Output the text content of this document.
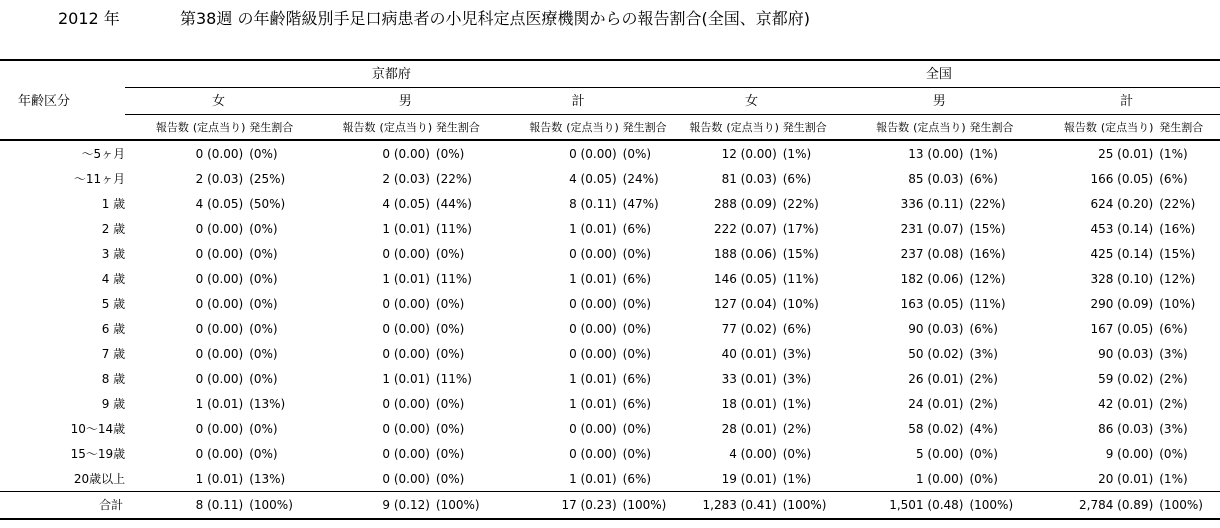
2012 年	第38週 の年齢階級別手足口病患者の小児科定点医療機関からの報告割合(全国、京都府)
	京都府									全国								
年齢区分	女			男			計			女			男			計		
	報告数	(定点当り)	発生割合	報告数	(定点当り)	発生割合	報告数	(定点当り)	発生割合	報告数	(定点当り)	発生割合	報告数	(定点当り)	発生割合	報告数	(定点当り)	発生割合
～5ヶ月	0 (0.00)		(0%)	0 (0.00)		(0%)	0 (0.00)		(0%)	12 (0.00)		(1%)	13 (0.00)		(1%)	25 (0.01)		(1%)
～11ヶ月	2 (0.03)		(25%)	2 (0.03)		(22%)	4 (0.05)		(24%)	81 (0.03)		(6%)	85 (0.03)		(6%)	166 (0.05)		(6%)
1 歳	4 (0.05)		(50%)	4 (0.05)		(44%)	8 (0.11)		(47%)	288 (0.09)		(22%)	336 (0.11)		(22%)	624 (0.20)		(22%)
2 歳	0 (0.00)		(0%)	1 (0.01)		(11%)	1 (0.01)		(6%)	222 (0.07)		(17%)	231 (0.07)		(15%)	453 (0.14)		(16%)
3 歳	0 (0.00)		(0%)	0 (0.00)		(0%)	0 (0.00)		(0%)	188 (0.06)		(15%)	237 (0.08)		(16%)	425 (0.14)		(15%)
4 歳	0 (0.00)		(0%)	1 (0.01)		(11%)	1 (0.01)		(6%)	146 (0.05)		(11%)	182 (0.06)		(12%)	328 (0.10)		(12%)
5 歳	0 (0.00)		(0%)	0 (0.00)		(0%)	0 (0.00)		(0%)	127 (0.04)		(10%)	163 (0.05)		(11%)	290 (0.09)		(10%)
6 歳	0 (0.00)		(0%)	0 (0.00)		(0%)	0 (0.00)		(0%)	77 (0.02)		(6%)	90 (0.03)		(6%)	167 (0.05)		(6%)
7 歳	0 (0.00)		(0%)	0 (0.00)		(0%)	0 (0.00)		(0%)	40 (0.01)		(3%)	50 (0.02)		(3%)	90 (0.03)		(3%)
8 歳	0 (0.00)		(0%)	1 (0.01)		(11%)	1 (0.01)		(6%)	33 (0.01)		(3%)	26 (0.01)		(2%)	59 (0.02)		(2%)
9 歳	1 (0.01)		(13%)	0 (0.00)		(0%)	1 (0.01)		(6%)	18 (0.01)		(1%)	24 (0.01)		(2%)	42 (0.01)		(2%)
10～14歳	0 (0.00)		(0%)	0 (0.00)		(0%)	0 (0.00)		(0%)	28 (0.01)		(2%)	58 (0.02)		(4%)	86 (0.03)		(3%)
15～19歳	0 (0.00)		(0%)	0 (0.00)		(0%)	0 (0.00)		(0%)	4 (0.00)		(0%)	5 (0.00)		(0%)	9 (0.00)		(0%)
20歳以上	1 (0.01)		(13%)	0 (0.00)		(0%)	1 (0.01)		(6%)	19 (0.01)		(1%)	1 (0.00)		(0%)	20 (0.01)		(1%)
合計	8 (0.11)		(100%)	9 (0.12)		(100%)	17 (0.23)		(100%)	1,283 (0.41)		(100%)	1,501 (0.48)		(100%)	2,784 (0.89)		(100%)
